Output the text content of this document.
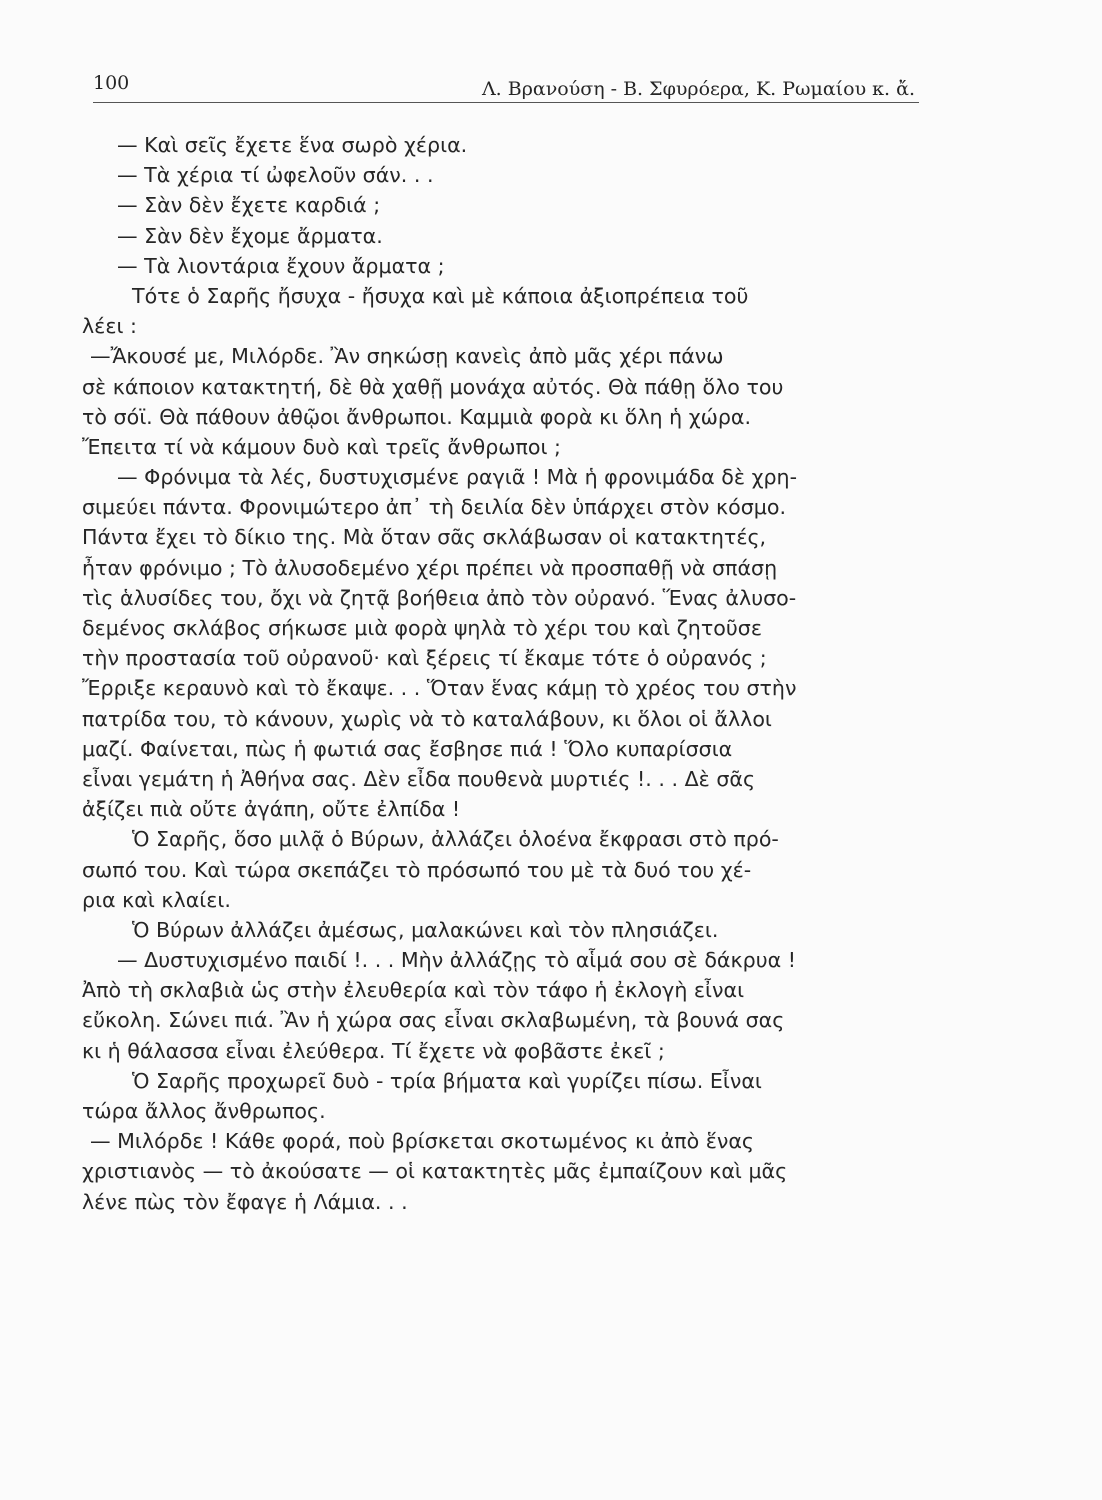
100	Λ. Βρανούση - Β. Σφυρόερα, Κ. Ρωμαίου κ. ἄ.
— Καὶ σεῖς ἔχετε ἕνα σωρὸ χέρια.
— Τὰ χέρια τί ὠφελοῦν σάν. . .
— Σὰν δὲν ἔχετε καρδιά ;
— Σὰν δὲν ἔχομε ἄρματα.
— Τὰ λιοντάρια ἔχουν ἄρματα ;
Τότε ὁ Σαρῆς ἤσυχα - ἤσυχα καὶ μὲ κάποια ἀξιοπρέπεια τοῦ
λέει :
—Ἄκουσέ με, Μιλόρδε. Ἂν σηκώσῃ κανεὶς ἀπὸ μᾶς χέρι πάνω
σὲ κάποιον κατακτητή, δὲ θὰ χαθῇ μονάχα αὐτός. Θὰ πάθῃ ὅλο του
τὸ σόϊ. Θὰ πάθουν ἀθῷοι ἄνθρωποι. Καμμιὰ φορὰ κι ὅλη ἡ χώρα.
Ἔπειτα τί νὰ κάμουν δυὸ καὶ τρεῖς ἄνθρωποι ;
— Φρόνιμα τὰ λές, δυστυχισμένε ραγιᾶ ! Μὰ ἡ φρονιμάδα δὲ χρη-
σιμεύει πάντα. Φρονιμώτερο ἀπ᾿ τὴ δειλία δὲν ὑπάρχει στὸν κόσμο.
Πάντα ἔχει τὸ δίκιο της. Μὰ ὅταν σᾶς σκλάβωσαν οἱ κατακτητές,
ἦταν φρόνιμο ; Τὸ ἀλυσοδεμένο χέρι πρέπει νὰ προσπαθῇ νὰ σπάσῃ
τὶς ἁλυσίδες του, ὄχι νὰ ζητᾷ βοήθεια ἀπὸ τὸν οὐρανό. Ἕνας ἀλυσο-
δεμένος σκλάβος σήκωσε μιὰ φορὰ ψηλὰ τὸ χέρι του καὶ ζητοῦσε
τὴν προστασία τοῦ οὐρανοῦ· καὶ ξέρεις τί ἔκαμε τότε ὁ οὐρανός ;
Ἔρριξε κεραυνὸ καὶ τὸ ἔκαψε. . . Ὅταν ἕνας κάμῃ τὸ χρέος του στὴν
πατρίδα του, τὸ κάνουν, χωρὶς νὰ τὸ καταλάβουν, κι ὅλοι οἱ ἄλλοι
μαζί. Φαίνεται, πὼς ἡ φωτιά σας ἔσβησε πιά ! Ὅλο κυπαρίσσια
εἶναι γεμάτη ἡ Ἀθήνα σας. Δὲν εἶδα πουθενὰ μυρτιές !. . . Δὲ σᾶς
ἀξίζει πιὰ οὔτε ἀγάπη, οὔτε ἐλπίδα !
Ὁ Σαρῆς, ὅσο μιλᾷ ὁ Βύρων, ἀλλάζει ὁλοένα ἔκφρασι στὸ πρό-
σωπό του. Καὶ τώρα σκεπάζει τὸ πρόσωπό του μὲ τὰ δυό του χέ-
ρια καὶ κλαίει.
Ὁ Βύρων ἀλλάζει ἀμέσως, μαλακώνει καὶ τὸν πλησιάζει.
— Δυστυχισμένο παιδί !. . . Μὴν ἀλλάζῃς τὸ αἷμά σου σὲ δάκρυα !
Ἀπὸ τὴ σκλαβιὰ ὡς στὴν ἐλευθερία καὶ τὸν τάφο ἡ ἐκλογὴ εἶναι
εὔκολη. Σώνει πιά. Ἂν ἡ χώρα σας εἶναι σκλαβωμένη, τὰ βουνά σας
κι ἡ θάλασσα εἶναι ἐλεύθερα. Τί ἔχετε νὰ φοβᾶστε ἐκεῖ ;
Ὁ Σαρῆς προχωρεῖ δυὸ - τρία βήματα καὶ γυρίζει πίσω. Εἶναι
τώρα ἄλλος ἄνθρωπος.
— Μιλόρδε ! Κάθε φορά, ποὺ βρίσκεται σκοτωμένος κι ἀπὸ ἕνας
χριστιανὸς — τὸ ἀκούσατε — οἱ κατακτητὲς μᾶς ἐμπαίζουν καὶ μᾶς
λένε πὼς τὸν ἔφαγε ἡ Λάμια. . .
